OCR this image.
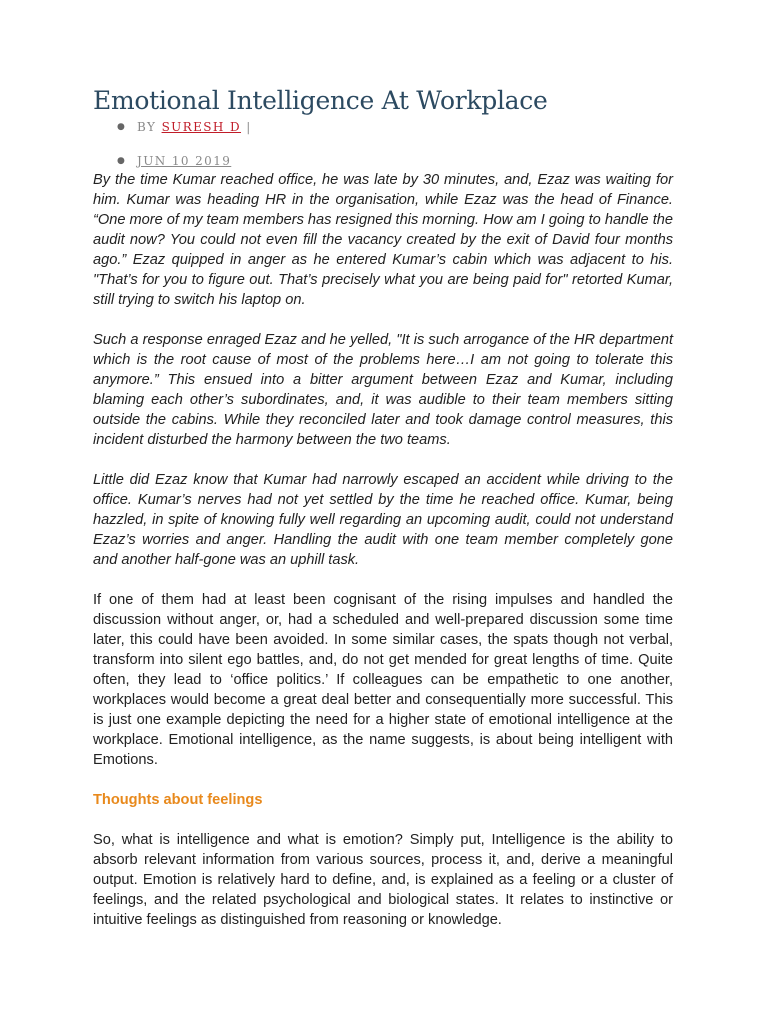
Emotional Intelligence At Workplace
● BY SURESH D |
● JUN 10 2019

By the time Kumar reached office, he was late by 30 minutes, and, Ezaz was waiting for him. Kumar was heading HR in the organisation, while Ezaz was the head of Finance. “One more of my team members has resigned this morning. How am I going to handle the audit now? You could not even fill the vacancy created by the exit of David four months ago.” Ezaz quipped in anger as he entered Kumar’s cabin which was adjacent to his. "That’s for you to figure out. That’s precisely what you are being paid for" retorted Kumar, still trying to switch his laptop on.

Such a response enraged Ezaz and he yelled, "It is such arrogance of the HR department which is the root cause of most of the problems here…I am not going to tolerate this anymore.” This ensued into a bitter argument between Ezaz and Kumar, including blaming each other’s subordinates, and, it was audible to their team members sitting outside the cabins. While they reconciled later and took damage control measures, this incident disturbed the harmony between the two teams.

Little did Ezaz know that Kumar had narrowly escaped an accident while driving to the office. Kumar’s nerves had not yet settled by the time he reached office. Kumar, being hazzled, in spite of knowing fully well regarding an upcoming audit, could not understand Ezaz’s worries and anger. Handling the audit with one team member completely gone and another half-gone was an uphill task.

If one of them had at least been cognisant of the rising impulses and handled the discussion without anger, or, had a scheduled and well-prepared discussion some time later, this could have been avoided. In some similar cases, the spats though not verbal, transform into silent ego battles, and, do not get mended for great lengths of time. Quite often, they lead to ‘office politics.’ If colleagues can be empathetic to one another, workplaces would become a great deal better and consequentially more successful. This is just one example depicting the need for a higher state of emotional intelligence at the workplace. Emotional intelligence, as the name suggests, is about being intelligent with Emotions.

Thoughts about feelings

So, what is intelligence and what is emotion? Simply put, Intelligence is the ability to absorb relevant information from various sources, process it, and, derive a meaningful output. Emotion is relatively hard to define, and, is explained as a feeling or a cluster of feelings, and the related psychological and biological states. It relates to instinctive or intuitive feelings as distinguished from reasoning or knowledge.
